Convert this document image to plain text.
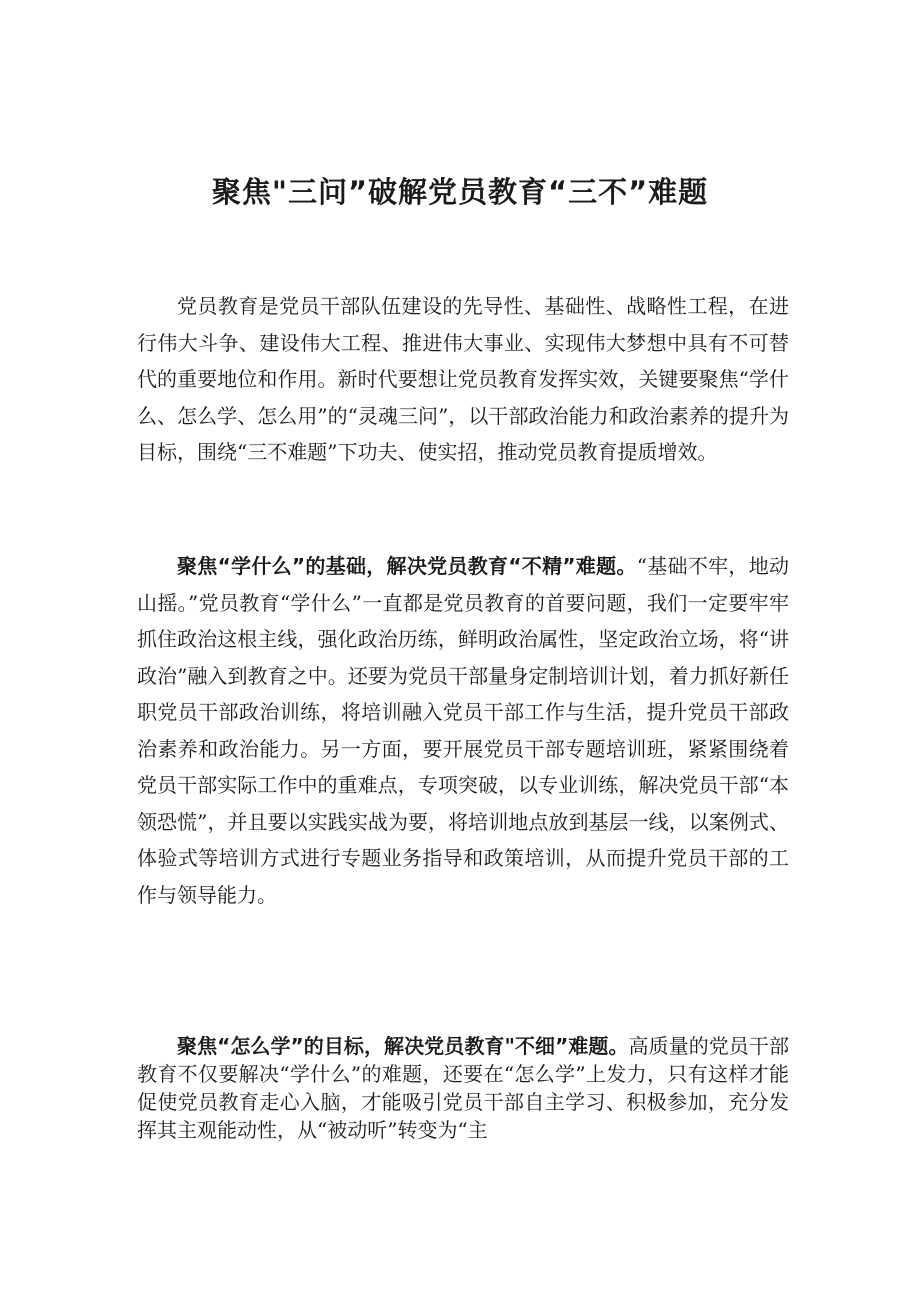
聚焦"三问”破解党员教育“三不”难题

党员教育是党员干部队伍建设的先导性、基础性、战略性工程，在进行伟大斗争、建设伟大工程、推进伟大事业、实现伟大梦想中具有不可替代的重要地位和作用。新时代要想让党员教育发挥实效，关键要聚焦“学什么、怎么学、怎么用”的“灵魂三问”，以干部政治能力和政治素养的提升为目标，围绕“三不难题”下功夫、使实招，推动党员教育提质增效。

聚焦“学什么”的基础，解决党员教育“不精”难题。“基础不牢，地动山摇。”党员教育“学什么”一直都是党员教育的首要问题，我们一定要牢牢抓住政治这根主线，强化政治历练，鲜明政治属性，坚定政治立场，将“讲政治”融入到教育之中。还要为党员干部量身定制培训计划，着力抓好新任职党员干部政治训练，将培训融入党员干部工作与生活，提升党员干部政治素养和政治能力。另一方面，要开展党员干部专题培训班，紧紧围绕着党员干部实际工作中的重难点，专项突破，以专业训练，解决党员干部“本领恐慌”，并且要以实践实战为要，将培训地点放到基层一线，以案例式、体验式等培训方式进行专题业务指导和政策培训，从而提升党员干部的工作与领导能力。

聚焦“怎么学”的目标，解决党员教育"不细”难题。高质量的党员干部教育不仅要解决“学什么”的难题，还要在“怎么学”上发力，只有这样才能促使党员教育走心入脑，才能吸引党员干部自主学习、积极参加，充分发挥其主观能动性，从“被动听”转变为“主
